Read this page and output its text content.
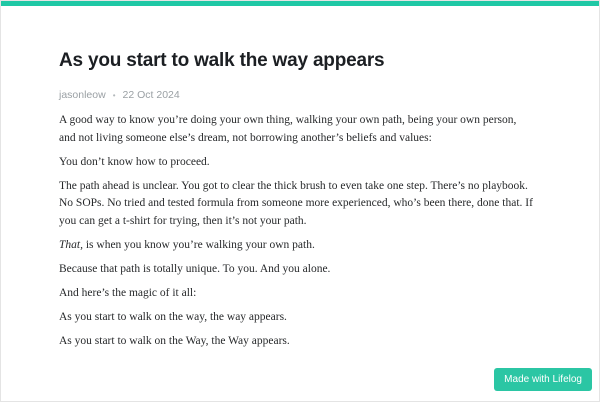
As you start to walk the way appears
jasonleow • 22 Oct 2024

A good way to know you’re doing your own thing, walking your own path, being your own person, and not living someone else’s dream, not borrowing another’s beliefs and values:

You don’t know how to proceed.

The path ahead is unclear. You got to clear the thick brush to even take one step. There’s no playbook. No SOPs. No tried and tested formula from someone more experienced, who’s been there, done that. If you can get a t-shirt for trying, then it’s not your path.

That, is when you know you’re walking your own path.

Because that path is totally unique. To you. And you alone.

And here’s the magic of it all:

As you start to walk on the way, the way appears.

As you start to walk on the Way, the Way appears.

Made with Lifelog
